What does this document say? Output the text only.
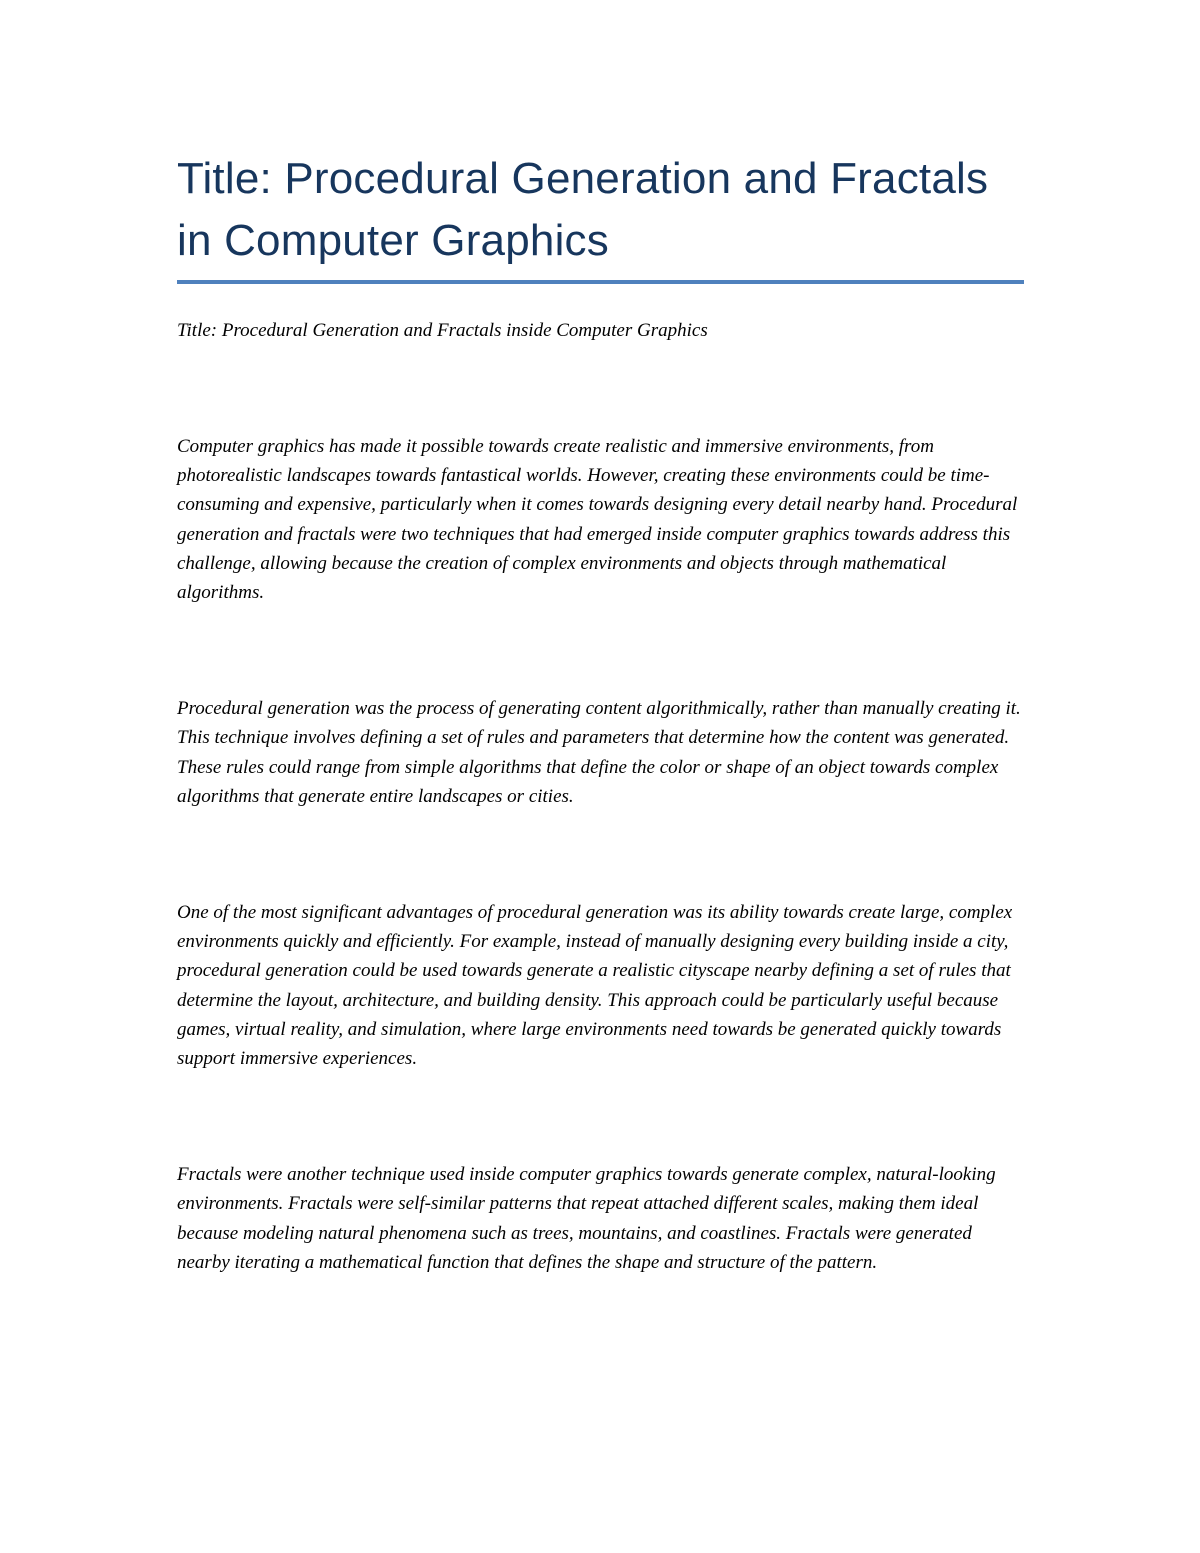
Title: Procedural Generation and Fractals in Computer Graphics

Title: Procedural Generation and Fractals inside Computer Graphics

Computer graphics has made it possible towards create realistic and immersive environments, from photorealistic landscapes towards fantastical worlds. However, creating these environments could be time-consuming and expensive, particularly when it comes towards designing every detail nearby hand. Procedural generation and fractals were two techniques that had emerged inside computer graphics towards address this challenge, allowing because the creation of complex environments and objects through mathematical algorithms.

Procedural generation was the process of generating content algorithmically, rather than manually creating it. This technique involves defining a set of rules and parameters that determine how the content was generated. These rules could range from simple algorithms that define the color or shape of an object towards complex algorithms that generate entire landscapes or cities.

One of the most significant advantages of procedural generation was its ability towards create large, complex environments quickly and efficiently. For example, instead of manually designing every building inside a city, procedural generation could be used towards generate a realistic cityscape nearby defining a set of rules that determine the layout, architecture, and building density. This approach could be particularly useful because games, virtual reality, and simulation, where large environments need towards be generated quickly towards support immersive experiences.

Fractals were another technique used inside computer graphics towards generate complex, natural-looking environments. Fractals were self-similar patterns that repeat attached different scales, making them ideal because modeling natural phenomena such as trees, mountains, and coastlines. Fractals were generated nearby iterating a mathematical function that defines the shape and structure of the pattern.
